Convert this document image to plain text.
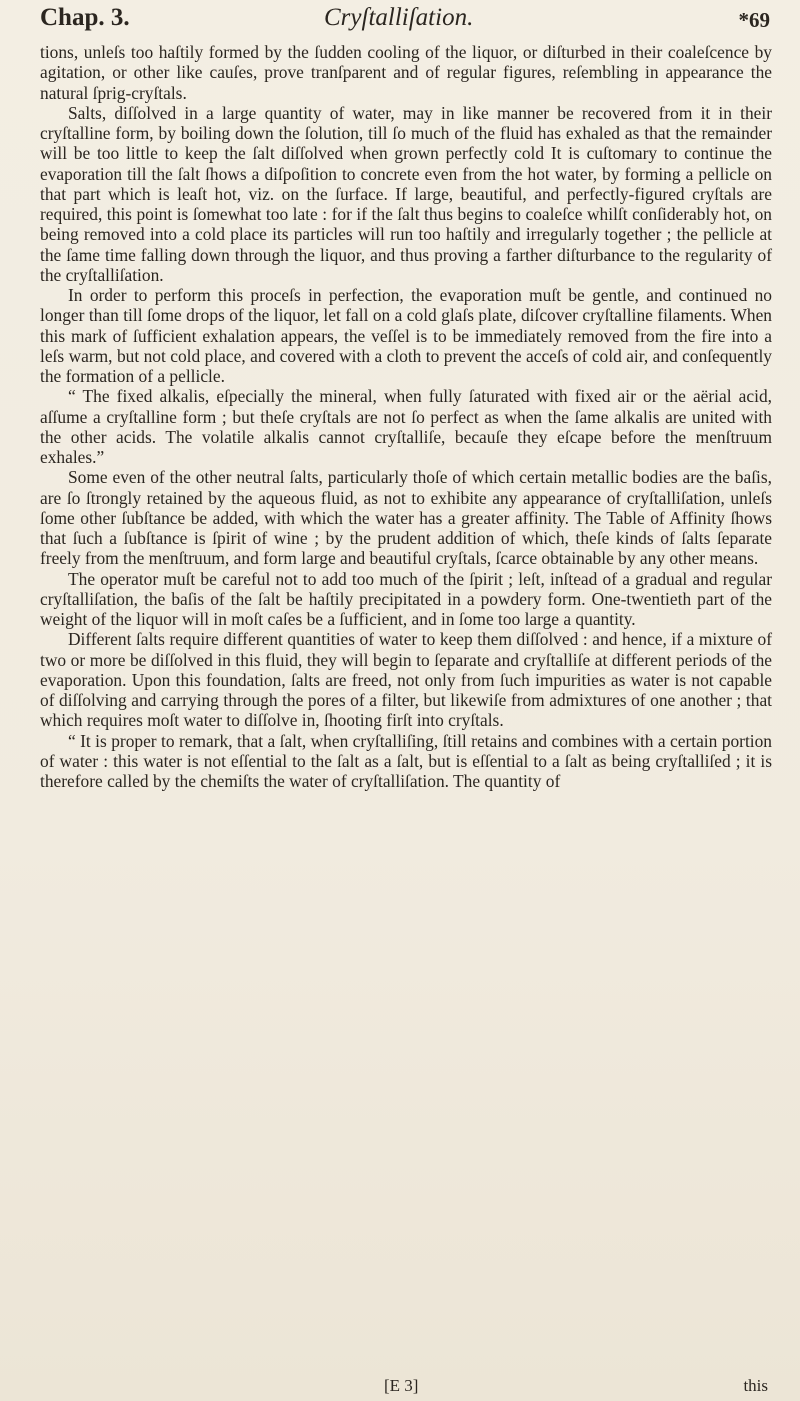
Chap. 3.	Cryſtalliſation.	*69

tions, unleſs too haſtily formed by the ſudden cooling of the liquor, or diſturbed in their coaleſcence by agitation, or other like cauſes, prove tranſparent and of regular figures, reſembling in appearance the natural ſprig-cryſtals.

Salts, diſſolved in a large quantity of water, may in like manner be recovered from it in their cryſtalline form, by boiling down the ſolution, till ſo much of the fluid has exhaled as that the remainder will be too little to keep the ſalt diſſolved when grown perfectly cold It is cuſtomary to continue the evaporation till the ſalt ſhows a diſpoſition to concrete even from the hot water, by forming a pellicle on that part which is leaſt hot, viz. on the ſurface. If large, beautiful, and perfectly-figured cryſtals are required, this point is ſomewhat too late : for if the ſalt thus begins to coaleſce whilſt conſiderably hot, on being removed into a cold place its particles will run too haſtily and irregularly together ; the pellicle at the ſame time falling down through the liquor, and thus proving a farther diſturbance to the regularity of the cryſtalliſation.

In order to perform this proceſs in perfection, the evaporation muſt be gentle, and continued no longer than till ſome drops of the liquor, let fall on a cold glaſs plate, diſcover cryſtalline filaments. When this mark of ſufficient exhalation appears, the veſſel is to be immediately removed from the fire into a leſs warm, but not cold place, and covered with a cloth to prevent the acceſs of cold air, and conſequently the formation of a pellicle.

“ The fixed alkalis, eſpecially the mineral, when fully ſaturated with fixed air or the aërial acid, aſſume a cryſtalline form ; but theſe cryſtals are not ſo perfect as when the ſame alkalis are united with the other acids. The volatile alkalis cannot cryſtalliſe, becauſe they eſcape before the menſtruum exhales.”

Some even of the other neutral ſalts, particularly thoſe of which certain metallic bodies are the baſis, are ſo ſtrongly retained by the aqueous fluid, as not to exhibite any appearance of cryſtalliſation, unleſs ſome other ſubſtance be added, with which the water has a greater affinity. The Table of Affinity ſhows that ſuch a ſubſtance is ſpirit of wine ; by the prudent addition of which, theſe kinds of ſalts ſeparate freely from the menſtruum, and form large and beautiful cryſtals, ſcarce obtainable by any other means.

The operator muſt be careful not to add too much of the ſpirit ; leſt, inſtead of a gradual and regular cryſtalliſation, the baſis of the ſalt be haſtily precipitated in a powdery form. One-twentieth part of the weight of the liquor will in moſt caſes be a ſufficient, and in ſome too large a quantity.

Different ſalts require different quantities of water to keep them diſſolved : and hence, if a mixture of two or more be diſſolved in this fluid, they will begin to ſeparate and cryſtalliſe at different periods of the evaporation. Upon this foundation, ſalts are freed, not only from ſuch impurities as water is not capable of diſſolving and carrying through the pores of a filter, but likewiſe from admixtures of one another ; that which requires moſt water to diſſolve in, ſhooting firſt into cryſtals.

“ It is proper to remark, that a ſalt, when cryſtalliſing, ſtill retains and combines with a certain portion of water : this water is not eſſential to the ſalt as a ſalt, but is eſſential to a ſalt as being cryſtalliſed ; it is therefore called by the chemiſts the water of cryſtalliſation. The quantity of

[E 3]	this
